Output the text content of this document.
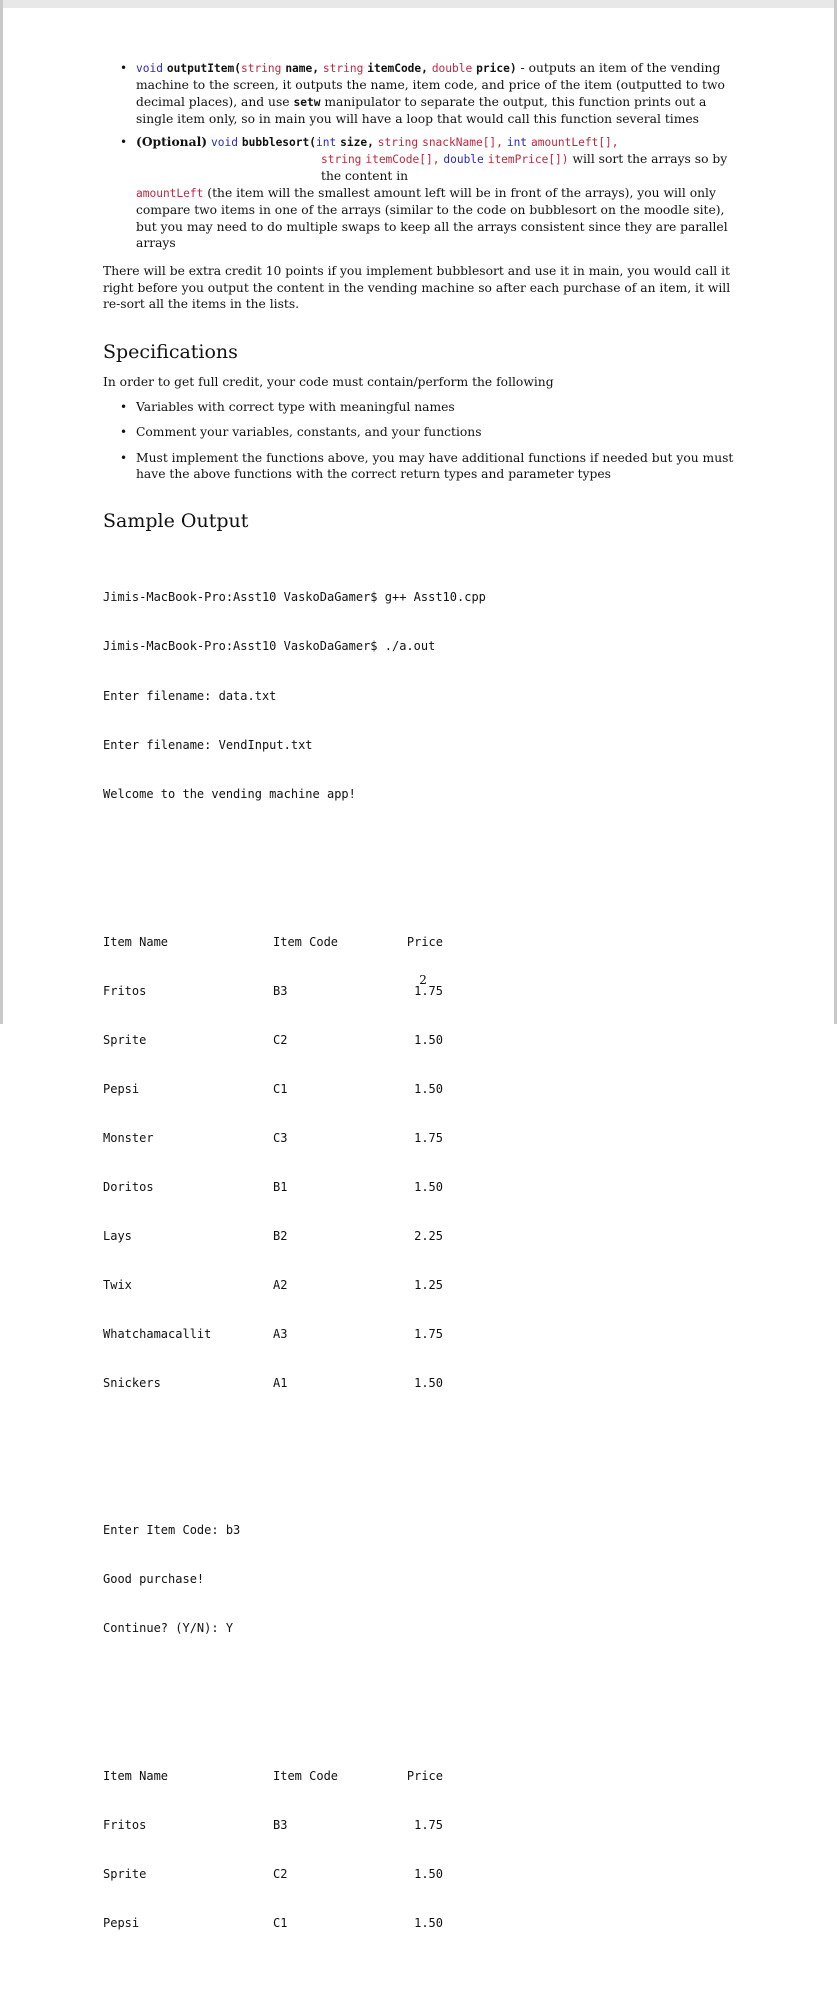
• void outputItem(string name, string itemCode, double price) - outputs an item of the vending machine to the screen, it outputs the name, item code, and price of the item (outputted to two decimal places), and use setw manipulator to separate the output, this function prints out a single item only, so in main you will have a loop that would call this function several times
• (Optional) void bubblesort(int size, string snackName[], int amountLeft[],
string itemCode[], double itemPrice[]) will sort the arrays so by the content in
amountLeft (the item will the smallest amount left will be in front of the arrays), you will only compare two items in one of the arrays (similar to the code on bubblesort on the moodle site), but you may need to do multiple swaps to keep all the arrays consistent since they are parallel arrays

There will be extra credit 10 points if you implement bubblesort and use it in main, you would call it right before you output the content in the vending machine so after each purchase of an item, it will re-sort all the items in the lists.

Specifications
In order to get full credit, your code must contain/perform the following
• Variables with correct type with meaningful names
• Comment your variables, constants, and your functions
• Must implement the functions above, you may have additional functions if needed but you must have the above functions with the correct return types and parameter types
Sample Output

Jimis-MacBook-Pro:Asst10 VaskoDaGamer$ g++ Asst10.cpp

Jimis-MacBook-Pro:Asst10 VaskoDaGamer$ ./a.out

Enter filename: data.txt

Enter filename: VendInput.txt

Welcome to the vending machine app!

Item Name	Item Code	Price

Fritos	B3	1.75

Sprite	C2	1.50

Pepsi	C1	1.50

Monster	C3	1.75

Doritos	B1	1.50

Lays	B2	2.25

Twix	A2	1.25

Whatchamacallit	A3	1.75

Snickers	A1	1.50

Enter Item Code: b3

Good purchase!

Continue? (Y/N): Y

Item Name	Item Code	Price

Fritos	B3	1.75

Sprite	C2	1.50

Pepsi	C1	1.50

2
